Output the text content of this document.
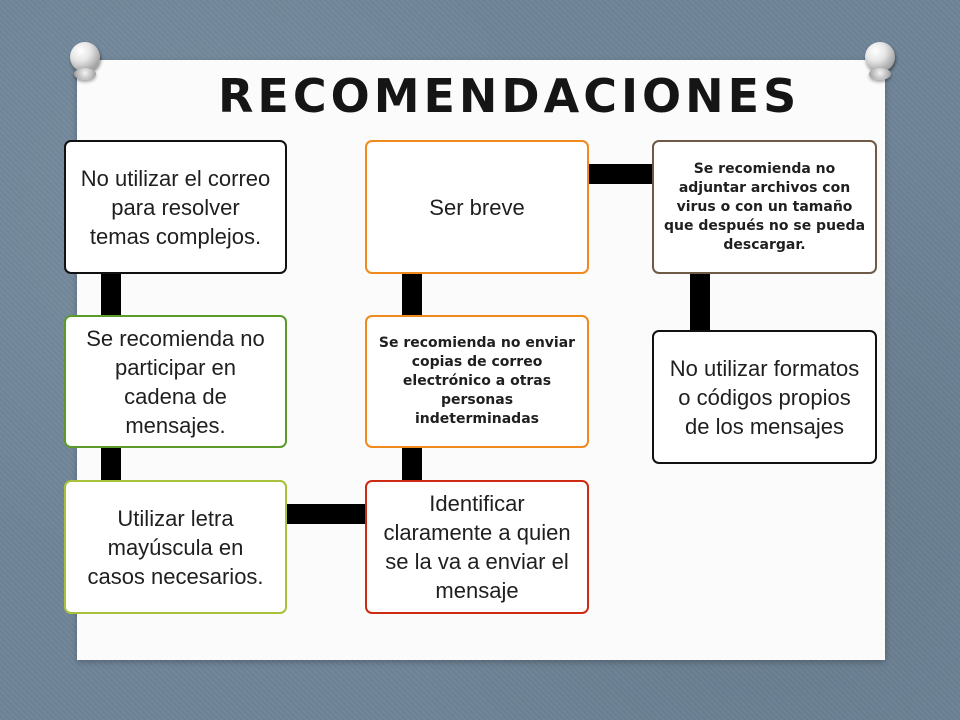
RECOMENDACIONES
No utilizar el correo para resolver temas complejos.
Se recomienda no participar en cadena de mensajes.
Utilizar letra mayúscula en casos necesarios.
Identificar claramente a quien se la va a enviar el mensaje
Se recomienda no enviar copias de correo electrónico a otras personas indeterminadas
Ser breve
Se recomienda no adjuntar archivos con virus o con un tamaño que después no se pueda descargar.
No utilizar formatos o códigos propios de los mensajes
